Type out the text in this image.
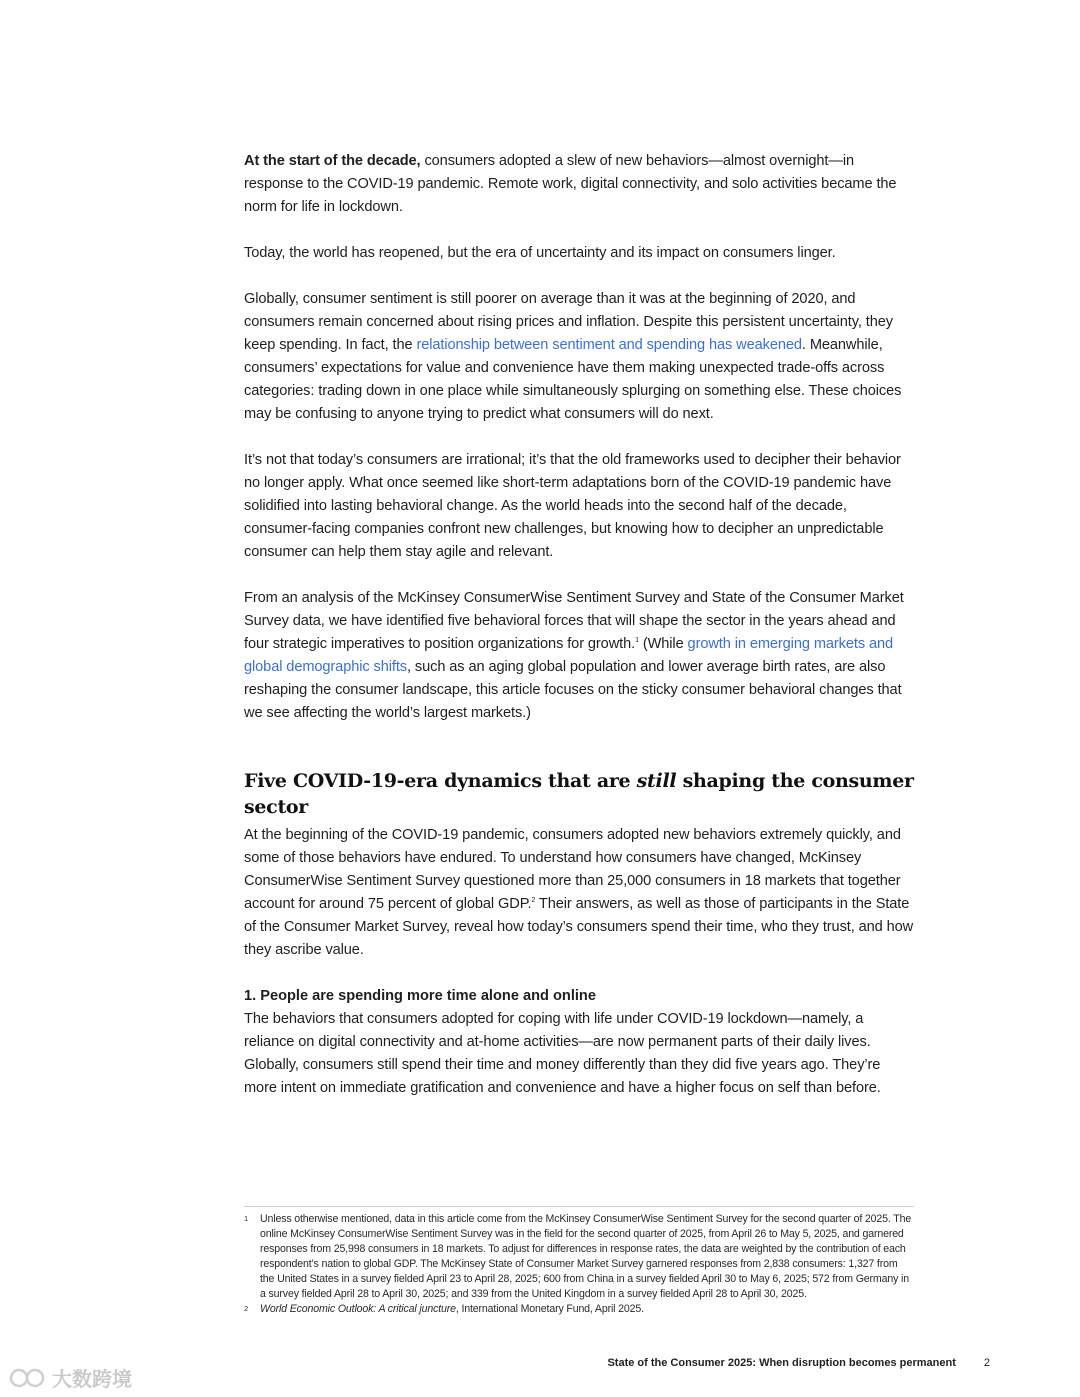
At the start of the decade, consumers adopted a slew of new behaviors—almost overnight—in response to the COVID-19 pandemic. Remote work, digital connectivity, and solo activities became the norm for life in lockdown.

Today, the world has reopened, but the era of uncertainty and its impact on consumers linger.

Globally, consumer sentiment is still poorer on average than it was at the beginning of 2020, and consumers remain concerned about rising prices and inflation. Despite this persistent uncertainty, they keep spending. In fact, the relationship between sentiment and spending has weakened. Meanwhile, consumers’ expectations for value and convenience have them making unexpected trade-offs across categories: trading down in one place while simultaneously splurging on something else. These choices may be confusing to anyone trying to predict what consumers will do next.

It’s not that today’s consumers are irrational; it’s that the old frameworks used to decipher their behavior no longer apply. What once seemed like short-term adaptations born of the COVID-19 pandemic have solidified into lasting behavioral change. As the world heads into the second half of the decade, consumer-facing companies confront new challenges, but knowing how to decipher an unpredictable consumer can help them stay agile and relevant.

From an analysis of the McKinsey ConsumerWise Sentiment Survey and State of the Consumer Market Survey data, we have identified five behavioral forces that will shape the sector in the years ahead and four strategic imperatives to position organizations for growth.$^1$ (While growth in emerging markets and global demographic shifts, such as an aging global population and lower average birth rates, are also reshaping the consumer landscape, this article focuses on the sticky consumer behavioral changes that we see affecting the world’s largest markets.)

Five COVID-19-era dynamics that are still shaping the consumer sector

At the beginning of the COVID-19 pandemic, consumers adopted new behaviors extremely quickly, and some of those behaviors have endured. To understand how consumers have changed, McKinsey ConsumerWise Sentiment Survey questioned more than 25,000 consumers in 18 markets that together account for around 75 percent of global GDP.$^2$ Their answers, as well as those of participants in the State of the Consumer Market Survey, reveal how today’s consumers spend their time, who they trust, and how they ascribe value.

1. People are spending more time alone and online

The behaviors that consumers adopted for coping with life under COVID-19 lockdown—namely, a reliance on digital connectivity and at-home activities—are now permanent parts of their daily lives. Globally, consumers still spend their time and money differently than they did five years ago. They’re more intent on immediate gratification and convenience and have a higher focus on self than before.

1 Unless otherwise mentioned, data in this article come from the McKinsey ConsumerWise Sentiment Survey for the second quarter of 2025. The online McKinsey ConsumerWise Sentiment Survey was in the field for the second quarter of 2025, from April 26 to May 5, 2025, and garnered responses from 25,998 consumers in 18 markets. To adjust for differences in response rates, the data are weighted by the contribution of each respondent’s nation to global GDP. The McKinsey State of Consumer Market Survey garnered responses from 2,838 consumers: 1,327 from the United States in a survey fielded April 23 to April 28, 2025; 600 from China in a survey fielded April 30 to May 6, 2025; 572 from Germany in a survey fielded April 28 to April 30, 2025; and 339 from the United Kingdom in a survey fielded April 28 to April 30, 2025.
2 World Economic Outlook: A critical juncture, International Monetary Fund, April 2025.
State of the Consumer 2025: When disruption becomes permanent	2
大数跨境
